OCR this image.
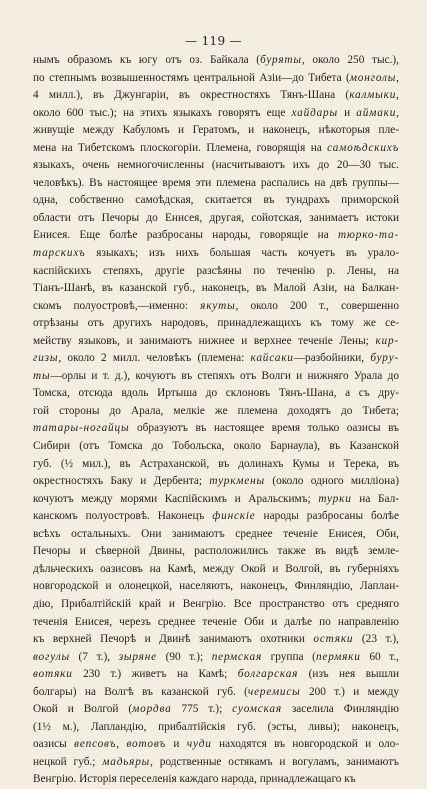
— 119 —
нымъ образомъ къ югу отъ оз. Байкала (буряты, около 250 тыс.),
по степнымъ возвышенностямъ центральной Азіи—до Тибета (монголы,
4 милл.), въ Джунгаріи, въ окрестностяхъ Тянъ-Шана (калмыки,
около 600 тыс.); на этихъ языкахъ говорятъ еще хайдары и аймаки,
живущіе между Кабуломъ и Гератомъ, и наконецъ, нѣкоторыя пле-
мена на Тибетскомъ плоскогоріи. Племена, говорящія на самоѣдскихъ
языкахъ, очень немногочисленны (насчитываютъ ихъ до 20—30 тыс.
человѣкъ). Въ настоящее время эти племена распались на двѣ группы—
одна, собственно самоѣдская, скитается въ тундрахъ приморской
области отъ Печоры до Енисея, другая, сойотская, занимаетъ истоки
Енисея. Еще болѣе разбросаны народы, говорящіе на тюрко-та-
тарскихъ языкахъ; изъ нихъ большая часть кочуетъ въ урало-
каспійскихъ степяхъ, другіе разсѣяны по теченію р. Лены, на
Тіанъ-Шанѣ, въ казанской губ., наконецъ, въ Малой Азіи, на Балкан-
скомъ полуостровѣ,—именно: якуты, около 200 т., совершенно
отрѣзаны отъ другихъ народовъ, принадлежащихъ къ тому же се-
мейству языковъ, и занимаютъ нижнее и верхнее теченіе Лены; кир-
гизы, около 2 милл. человѣкъ (племена: кайсаки—разбойники, буру-
ты—орлы и т. д.), кочуютъ въ степяхъ отъ Волги и нижняго Урала до
Томска, отсюда вдоль Иртыша до склоновъ Тянъ-Шана, а съ дру-
гой стороны до Арала, мелкіе же племена доходятъ до Тибета;
татары-ногайцы образуютъ въ настоящее время только оазисы въ
Сибири (отъ Томска до Тобольска, около Барнаула), въ Казанской
губ. (½ мил.), въ Астраханской, въ долинахъ Кумы и Терека, въ
окрестностяхъ Баку и Дербента; туркмены (около одного милліона)
кочуютъ между морями Каспійскимъ и Аральскимъ; турки на Бал-
канскомъ полуостровѣ. Наконецъ финскіе народы разбросаны болѣе
всѣхъ остальныхъ. Они занимаютъ среднее теченіе Енисея, Оби,
Печоры и сѣверной Двины, расположились также въ видѣ земле-
дѣльческихъ оазисовъ на Камѣ, между Окой и Волгой, въ губерніяхъ
новгородской и олонецкой, населяютъ, наконецъ, Финляндію, Лаплан-
дію, Прибалтійскій край и Венгрію. Все пространство отъ средняго
теченія Енисея, черезъ среднее теченіе Оби и далѣе по направленію
къ верхней Печорѣ и Двинѣ занимаютъ охотники остяки (23 т.),
вогулы (7 т.), зыряне (90 т.); пермская группа (пермяки 60 т.,
вотяки 230 т.) живетъ на Камѣ; болгарская (изъ нея вышли
болгары) на Волгѣ въ казанской губ. (черемисы 200 т.) и между
Окой и Волгой (мордва 775 т.); суомская заселила Финляндію
(1½ м.), Лапландію, прибалтійскія губ. (эсты, ливы); наконецъ,
оазисы вепсовъ, вотовъ и чуди находятся въ новгородской и оло-
нецкой губ.; мадьяры, родственные остякамъ и вогуламъ, занимаютъ
Венгрію. Исторія переселенія каждаго народа, принадлежащаго къ
